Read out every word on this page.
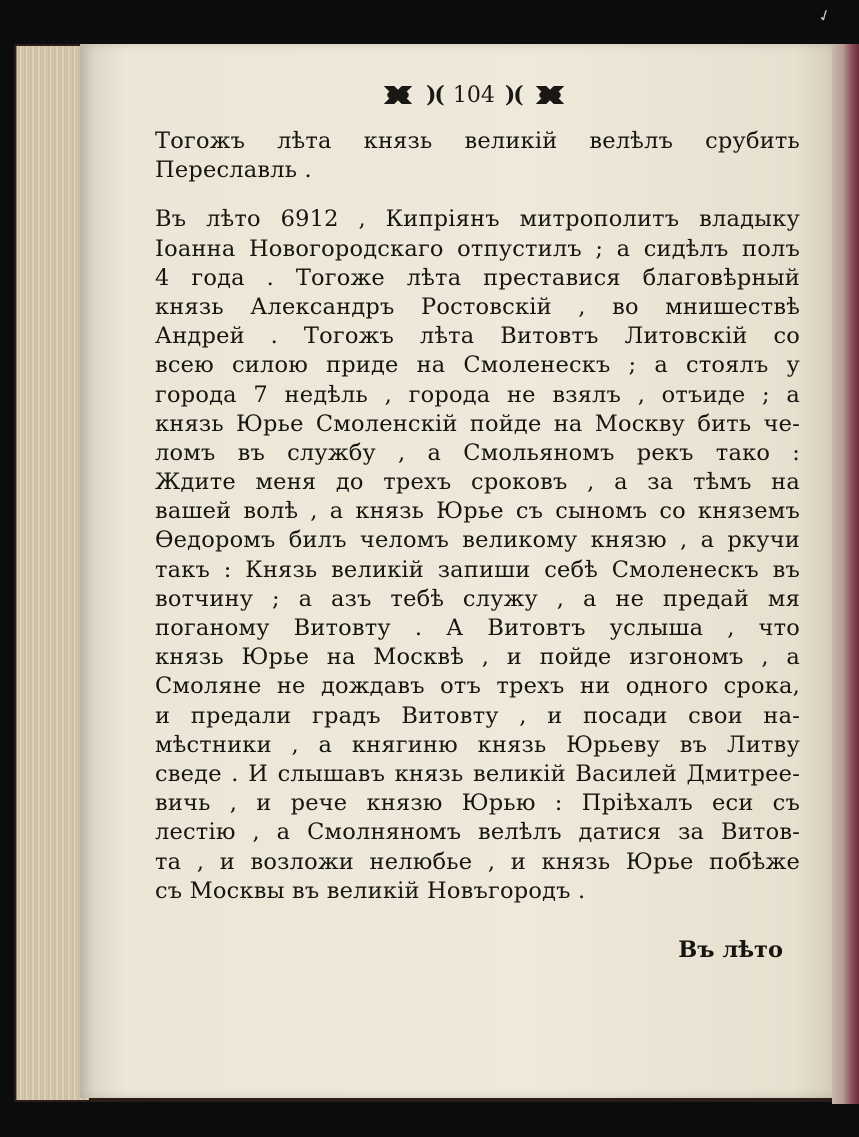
✓
)( 104 )(
Тогожъ лѣта князь великiй велѣлъ срубить
Переславль .
Въ лѣто 6912 , Кипрiянъ митрополитъ владыку
Iоанна Новогородскаго отпустилъ ; а сидѣлъ полъ
4 года . Тогоже лѣта преставися благовѣрный
князь Александръ Ростовскiй , во мнишествѣ
Андрей . Тогожъ лѣта Витовтъ Литовскiй со
всею силою приде на Смоленескъ ; а стоялъ у
города 7 недѣль , города не взялъ , отъиде ; а
князь Юрье Смоленскiй пойде на Москву бить че-
ломъ въ службу , а Смольяномъ рекъ тако :
Ждите меня до трехъ сроковъ , а за тѣмъ на
вашей волѣ , а князь Юрье съ сыномъ со княземъ
Өедоромъ билъ челомъ великому князю , а ркучи
такъ : Князь великiй запиши себѣ Смоленескъ въ
вотчину ; а азъ тебѣ служу , а не предай мя
поганому Витовту . А Витовтъ услыша , что
князь Юрье на Москвѣ , и пойде изгономъ , а
Смоляне не дождавъ отъ трехъ ни одного срока,
и предали градъ Витовту , и посади свои на-
мѣстники , а княгиню князь Юрьеву въ Литву
сведе . И слышавъ князь великiй Василей Дмитрее-
вичь , и рече князю Юрью : Прiѣхалъ еси съ
лестiю , а Смолняномъ велѣлъ датися за Витов-
та , и возложи нелюбье , и князь Юрье побѣже
съ Москвы въ великiй Новъгородъ .
Въ лѣто
